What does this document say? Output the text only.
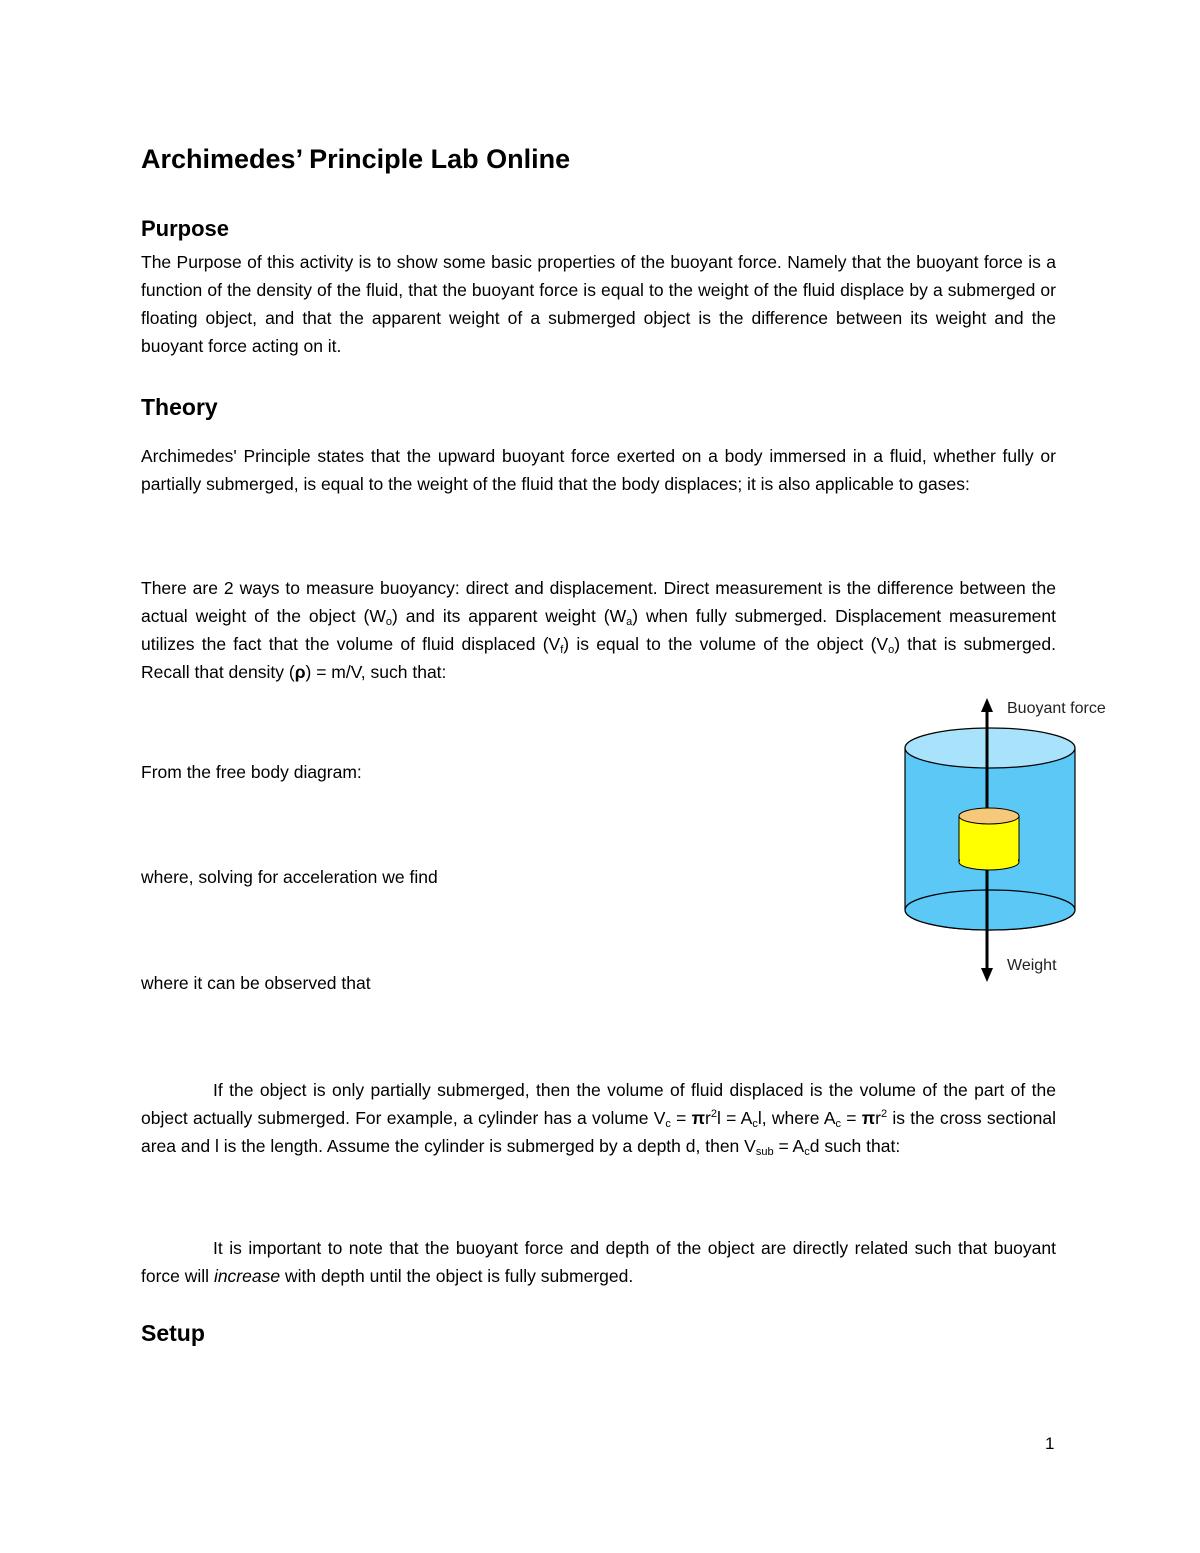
Archimedes’ Principle Lab Online
Purpose

The Purpose of this activity is to show some basic properties of the buoyant force. Namely that the buoyant force is a function of the density of the fluid, that the buoyant force is equal to the weight of the fluid displace by a submerged or floating object, and that the apparent weight of a submerged object is the difference between its weight and the buoyant force acting on it.

Theory

Archimedes' Principle states that the upward buoyant force exerted on a body immersed in a fluid, whether fully or partially submerged, is equal to the weight of the fluid that the body displaces; it is also applicable to gases:

There are 2 ways to measure buoyancy: direct and displacement. Direct measurement is the difference between the actual weight of the object $(W_o)$ and its apparent weight $(W_a)$ when fully submerged. Displacement measurement utilizes the fact that the volume of fluid displaced $(V_f)$ is equal to the volume of the object $(V_o)$ that is submerged. Recall that density (ρ) = m/V, such that:

From the free body diagram:

where, solving for acceleration we find

where it can be observed that

If the object is only partially submerged, then the volume of fluid displaced is the volume of the part of the object actually submerged. For example, a cylinder has a volume $V_c = \pi r^2l = A_cl$, where $A_c = \pi r^2$ is the cross sectional area and l is the length. Assume the cylinder is submerged by a depth d, then $V_{sub} = A_cd$ such that:

It is important to note that the buoyant force and depth of the object are directly related such that buoyant force will increase with depth until the object is fully submerged.

Setup

1

Buoyant force
Weight
